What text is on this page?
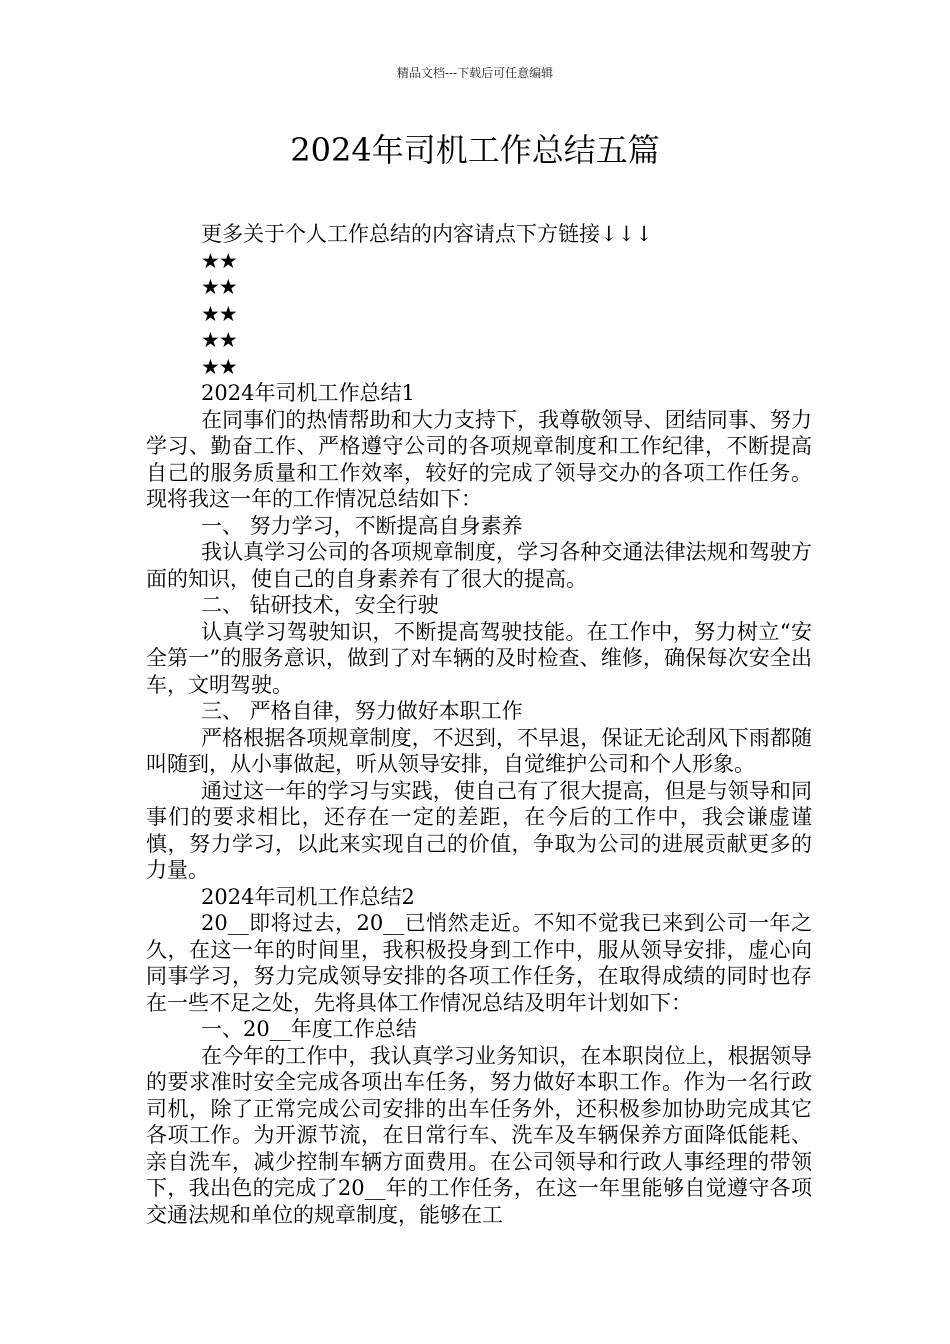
精品文档---下载后可任意编辑
2024年司机工作总结五篇
更多关于个人工作总结的内容请点下方链接↓↓↓
★★
★★
★★
★★
★★
2024年司机工作总结1
在同事们的热情帮助和大力支持下，我尊敬领导、团结同事、努力学习、勤奋工作、严格遵守公司的各项规章制度和工作纪律，不断提高自己的服务质量和工作效率，较好的完成了领导交办的各项工作任务。现将我这一年的工作情况总结如下：
一、 努力学习，不断提高自身素养
我认真学习公司的各项规章制度，学习各种交通法律法规和驾驶方面的知识，使自己的自身素养有了很大的提高。
二、 钻研技术，安全行驶
认真学习驾驶知识，不断提高驾驶技能。在工作中，努力树立“安全第一”的服务意识，做到了对车辆的及时检查、维修，确保每次安全出车，文明驾驶。
三、 严格自律，努力做好本职工作
严格根据各项规章制度，不迟到，不早退，保证无论刮风下雨都随叫随到，从小事做起，听从领导安排，自觉维护公司和个人形象。
通过这一年的学习与实践，使自己有了很大提高，但是与领导和同事们的要求相比，还存在一定的差距，在今后的工作中，我会谦虚谨慎，努力学习，以此来实现自己的价值，争取为公司的进展贡献更多的力量。
2024年司机工作总结2
20__即将过去，20__已悄然走近。不知不觉我已来到公司一年之久，在这一年的时间里，我积极投身到工作中，服从领导安排，虚心向同事学习，努力完成领导安排的各项工作任务，在取得成绩的同时也存在一些不足之处，先将具体工作情况总结及明年计划如下：
一、20__年度工作总结
在今年的工作中，我认真学习业务知识，在本职岗位上，根据领导的要求准时安全完成各项出车任务，努力做好本职工作。作为一名行政司机，除了正常完成公司安排的出车任务外，还积极参加协助完成其它各项工作。为开源节流，在日常行车、洗车及车辆保养方面降低能耗、亲自洗车，减少控制车辆方面费用。在公司领导和行政人事经理的带领下，我出色的完成了20__年的工作任务，在这一年里能够自觉遵守各项交通法规和单位的规章制度，能够在工
